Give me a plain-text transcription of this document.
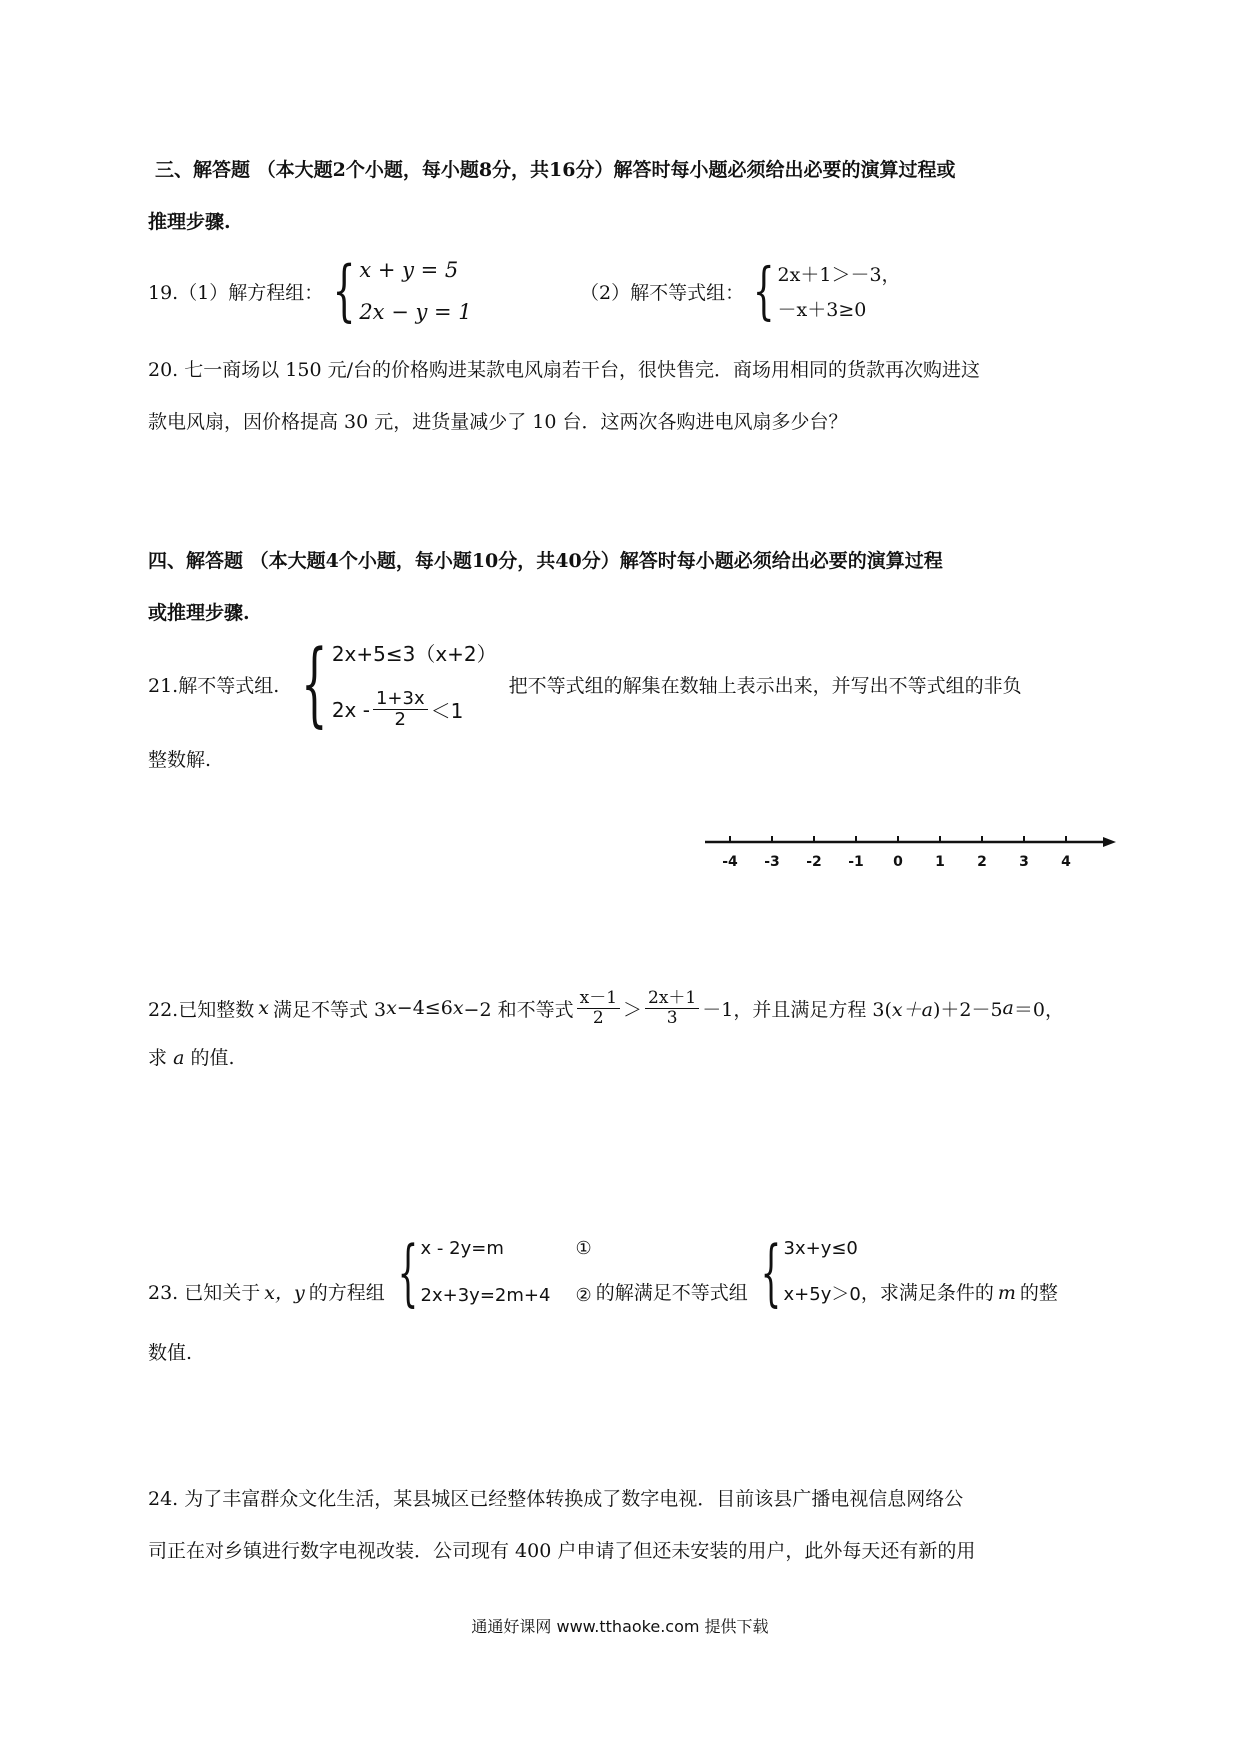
三、解答题 （本大题2个小题，每小题8分，共16分）解答时每小题必须给出必要的演算过程或
推理步骤.
19.（1）解方程组： { x + y = 5
2x − y = 1
（2）解不等式组： { 2x＋1＞－3，
－x＋3≥0
20. 七一商场以 150 元/台的价格购进某款电风扇若干台，很快售完．商场用相同的货款再次购进这
款电风扇，因价格提高 30 元，进货量减少了 10 台．这两次各购进电风扇多少台？
四、解答题 （本大题4个小题，每小题10分，共40分）解答时每小题必须给出必要的演算过程
或推理步骤.
21.解不等式组. { 2x+5≤3（x+2）
$2x - \frac{1+3x}{2} <1$
把不等式组的解集在数轴上表示出来，并写出不等式组的非负
整数解.
-4 -3 -2 -1 0 1 2 3 4
22.已知整数 x 满足不等式 3 x −4≤6 x −2 和不等式 $\frac{x-1}{2} > \frac{2x+1}{3} -1$，并且满足方程 3( x＋a )＋2－5 a ＝0，
求 a 的值.
23. 已知关于 x，y 的方程组 { x - 2y=m	①
2x+3y=2m+4 ② 的解满足不等式组 { 3x+y≤0
x+5y＞0 ，求满足条件的 m 的整
数值.
24. 为了丰富群众文化生活，某县城区已经整体转换成了数字电视．目前该县广播电视信息网络公
司正在对乡镇进行数字电视改装．公司现有 400 户申请了但还未安装的用户，此外每天还有新的用
通通好课网 www.tthaoke.com 提供下载
